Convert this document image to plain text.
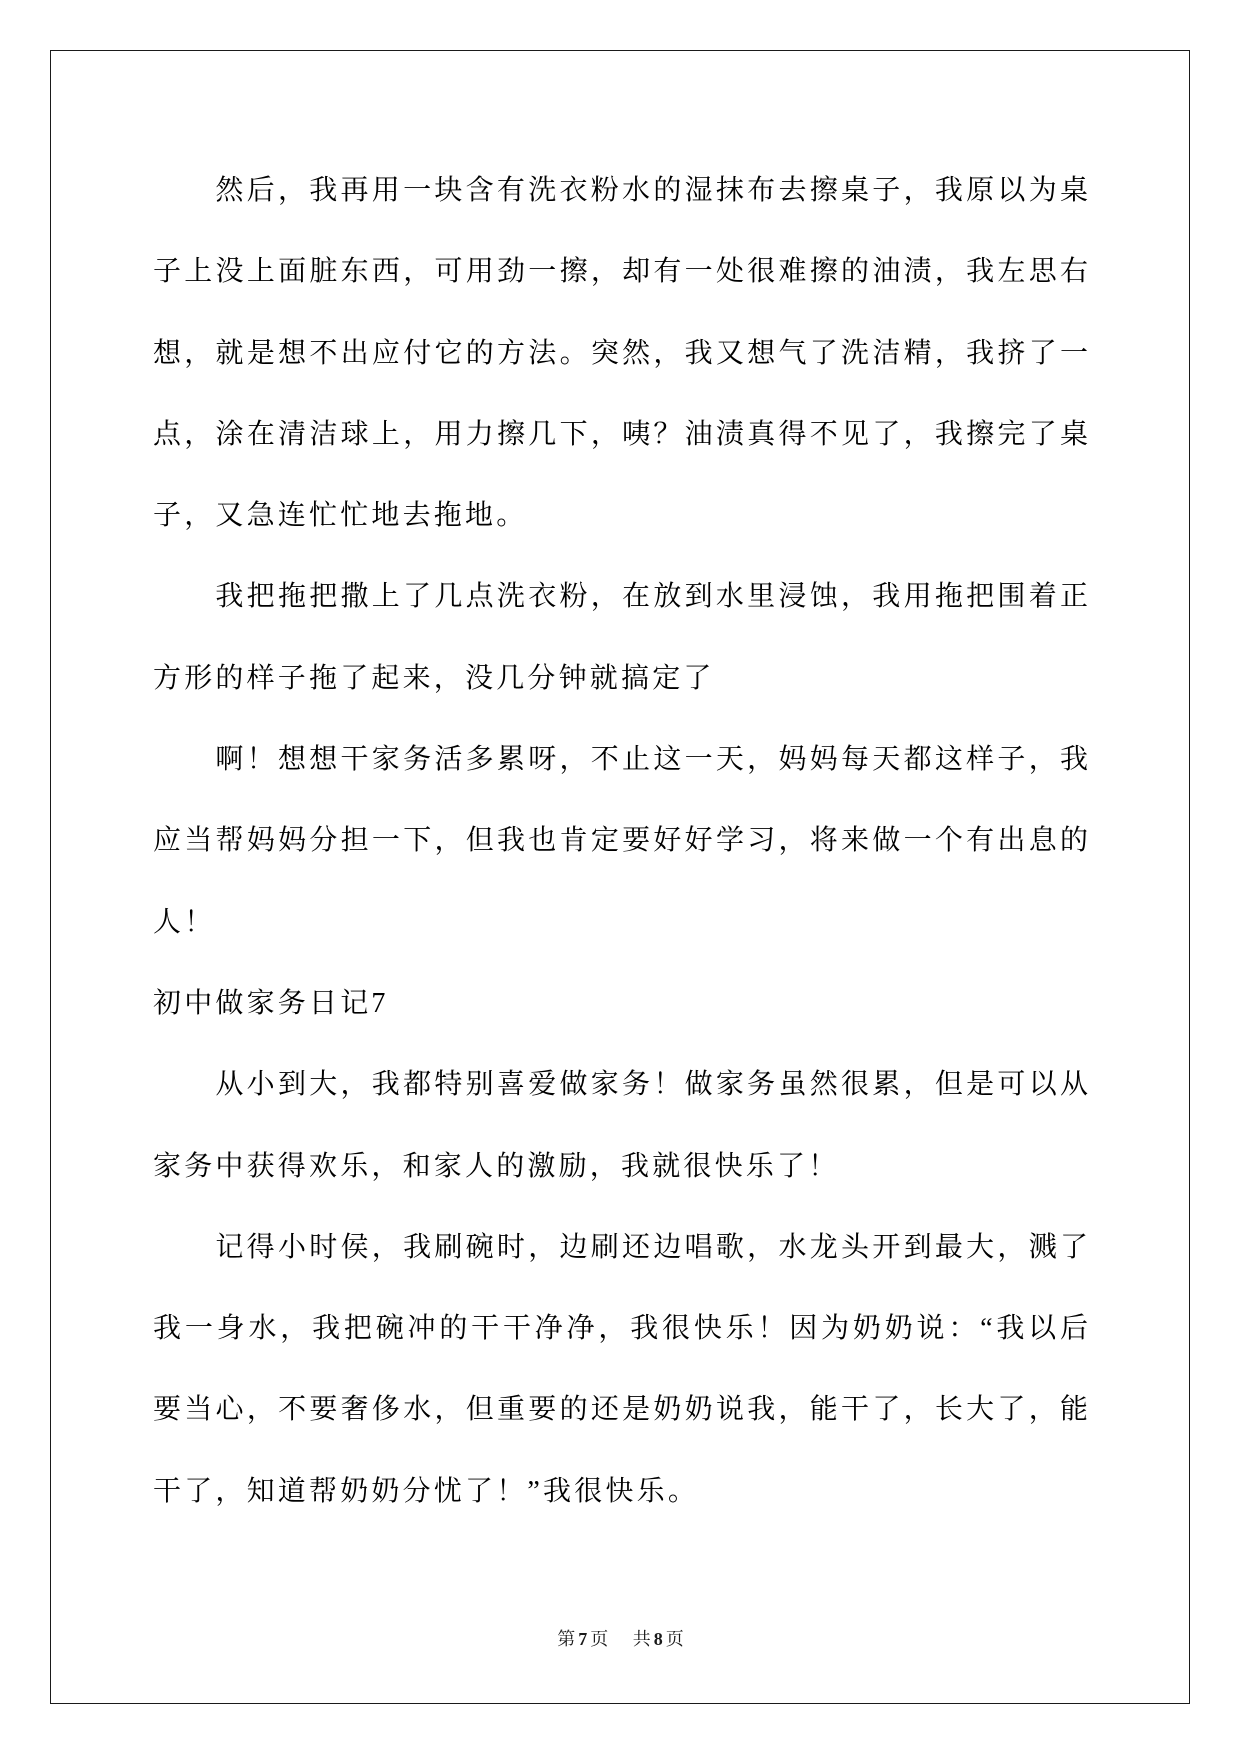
然后，我再用一块含有洗衣粉水的湿抹布去擦桌子，我原以为桌
子上没上面脏东西，可用劲一擦，却有一处很难擦的油渍，我左思右
想，就是想不出应付它的方法。突然，我又想气了洗洁精，我挤了一
点，涂在清洁球上，用力擦几下，咦？油渍真得不见了，我擦完了桌
子，又急连忙忙地去拖地。
我把拖把撒上了几点洗衣粉，在放到水里浸蚀，我用拖把围着正
方形的样子拖了起来，没几分钟就搞定了
啊！想想干家务活多累呀，不止这一天，妈妈每天都这样子，我
应当帮妈妈分担一下，但我也肯定要好好学习，将来做一个有出息的
人！
初中做家务日记7
从小到大，我都特别喜爱做家务！做家务虽然很累，但是可以从
家务中获得欢乐，和家人的激励，我就很快乐了！
记得小时侯，我刷碗时，边刷还边唱歌，水龙头开到最大，溅了
我一身水，我把碗冲的干干净净，我很快乐！因为奶奶说：“我以后
要当心，不要奢侈水，但重要的还是奶奶说我，能干了，长大了，能
干了，知道帮奶奶分忧了！”我很快乐。
第 7 页 共 8 页
